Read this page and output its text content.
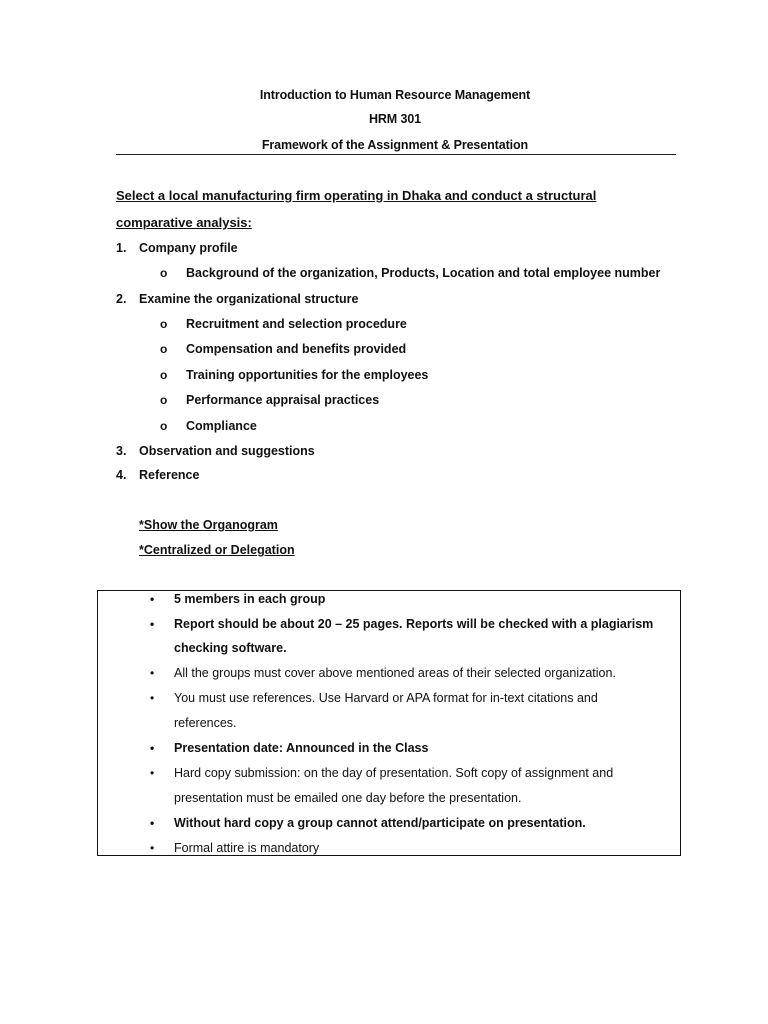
Introduction to Human Resource Management
HRM 301
Framework of the Assignment & Presentation
Select a local manufacturing firm operating in Dhaka and conduct a structural
comparative analysis:
1. Company profile
o Background of the organization, Products, Location and total employee number
2. Examine the organizational structure
o Recruitment and selection procedure
o Compensation and benefits provided
o Training opportunities for the employees
o Performance appraisal practices
o Compliance
3. Observation and suggestions
4. Reference
*Show the Organogram
*Centralized or Delegation
• 5 members in each group
• Report should be about 20 – 25 pages. Reports will be checked with a plagiarism
checking software.
• All the groups must cover above mentioned areas of their selected organization.
• You must use references. Use Harvard or APA format for in-text citations and
references.
• Presentation date: Announced in the Class
• Hard copy submission: on the day of presentation. Soft copy of assignment and
presentation must be emailed one day before the presentation.
• Without hard copy a group cannot attend/participate on presentation.
• Formal attire is mandatory
